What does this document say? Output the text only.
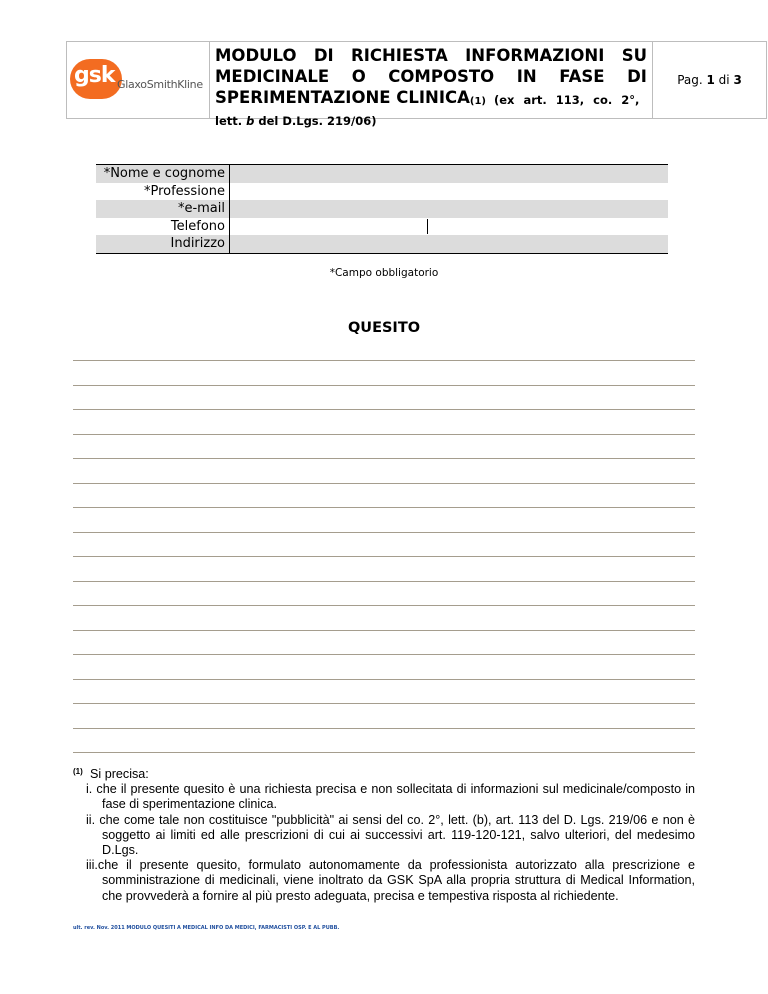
gsk GlaxoSmithKline
MODULO DI RICHIESTA INFORMAZIONI SU
MEDICINALE O COMPOSTO IN FASE DI
SPERIMENTAZIONE CLINICA (1) (ex art. 113, co. 2°,
lett. b del D.Lgs. 219/06)
Pag. 1 di 3
*Nome e cognome
*Professione
*e-mail
Telefono
Indirizzo
*Campo obbligatorio
QUESITO
(1) Si precisa:
i. che il presente quesito è una richiesta precisa e non sollecitata di informazioni sul medicinale/composto in fase di sperimentazione clinica.
ii. che come tale non costituisce "pubblicità" ai sensi del co. 2°, lett. (b), art. 113 del D. Lgs. 219/06 e non è soggetto ai limiti ed alle prescrizioni di cui ai successivi art. 119-120-121, salvo ulteriori, del medesimo D.Lgs.
iii.che il presente quesito, formulato autonomamente da professionista autorizzato alla prescrizione e somministrazione di medicinali, viene inoltrato da GSK SpA alla propria struttura di Medical Information, che provvederà a fornire al più presto adeguata, precisa e tempestiva risposta al richiedente.
ult. rev. Nov. 2011 MODULO QUESITI A MEDICAL INFO DA MEDICI, FARMACISTI OSP. E AL PUBB.
